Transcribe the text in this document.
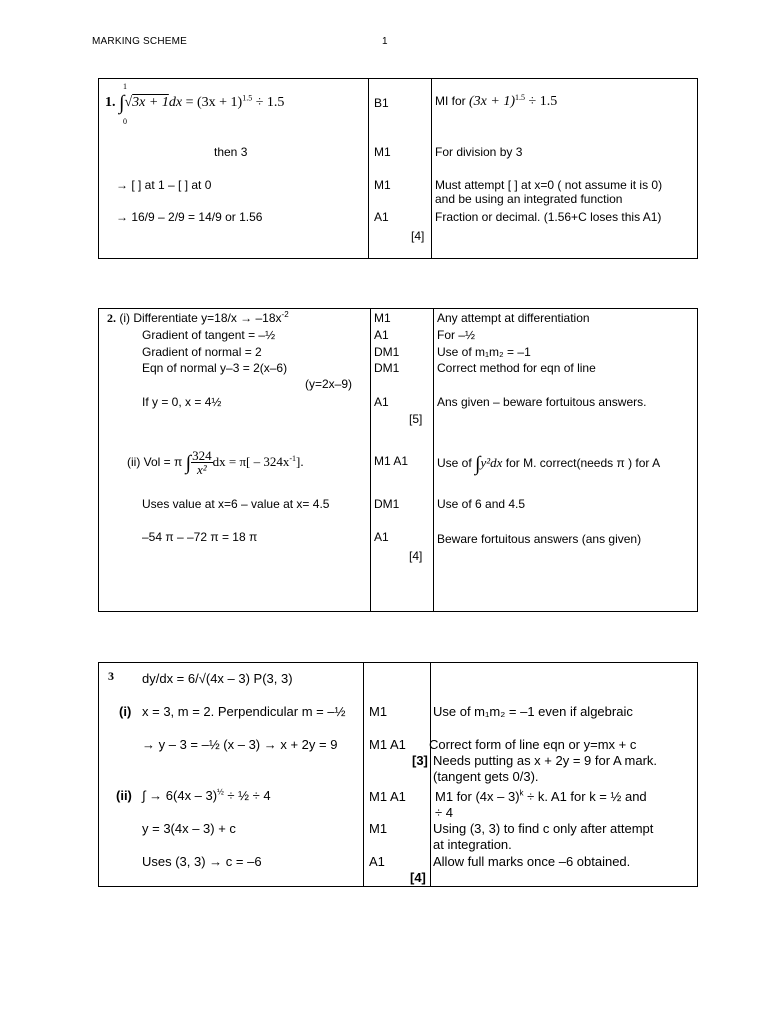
MARKING SCHEME	1
1
0
1. $\int√3x + 1dx = (3x + 1)^{1.5} \div 1.5$
then 3
→ [ ] at 1 – [ ] at 0
→ 16/9 – 2/9 = 14/9 or 1.56
B1
M1
M1
A1
[4]
MI for $(3x + 1)^{1.5} \div 1.5$
For division by 3
Must attempt [ ] at x=0 ( not assume it is 0)
and be using an integrated function
Fraction or decimal. (1.56+C loses this A1)
2. (i) Differentiate $y=18/x \to -18x^{-2}$
Gradient of tangent = –½
Gradient of normal = 2
Eqn of normal y–3 = 2(x–6)
(y=2x–9)
If y = 0, x = 4½
(ii) Vol = π ∫ $\frac{324}{\text{x²}}$ dx = $\pi[ - 324x^{-1}]$.
Uses value at x=6 – value at x= 4.5
–54 π – –72 π = 18 π
M1
A1
DM1
DM1
A1
[5]
M1 A1
DM1
A1
[4]
Any attempt at differentiation
For –½
Use of m₁m₂ = –1
Correct method for eqn of line
Ans given – beware fortuitous answers.
Use of ∫y²dx for M. correct(needs π ) for A
Use of 6 and 4.5
Beware fortuitous answers (ans given)
3 dy/dx = 6/√(4x – 3) P(3, 3)
(i) x = 3, m = 2. Perpendicular m = –½
→ y – 3 = –½ (x – 3) → x + 2y = 9
(ii) ∫ → 6(4x – 3)$^{\frac{1}{2}}$ ÷ ½ ÷ 4
y = 3(4x – 3) + c
Uses (3, 3) → c = –6
M1
M1 A1
[3]
M1 A1
M1
A1
[4]
Use of m₁m₂ = –1 even if algebraic
Correct form of line eqn or y=mx + c
Needs putting as x + 2y = 9 for A mark.
(tangent gets 0/3).
M1 for (4x – 3)$^k$ ÷ k. A1 for k = ½ and
÷ 4
Using (3, 3) to find c only after attempt
at integration.
Allow full marks once –6 obtained.
